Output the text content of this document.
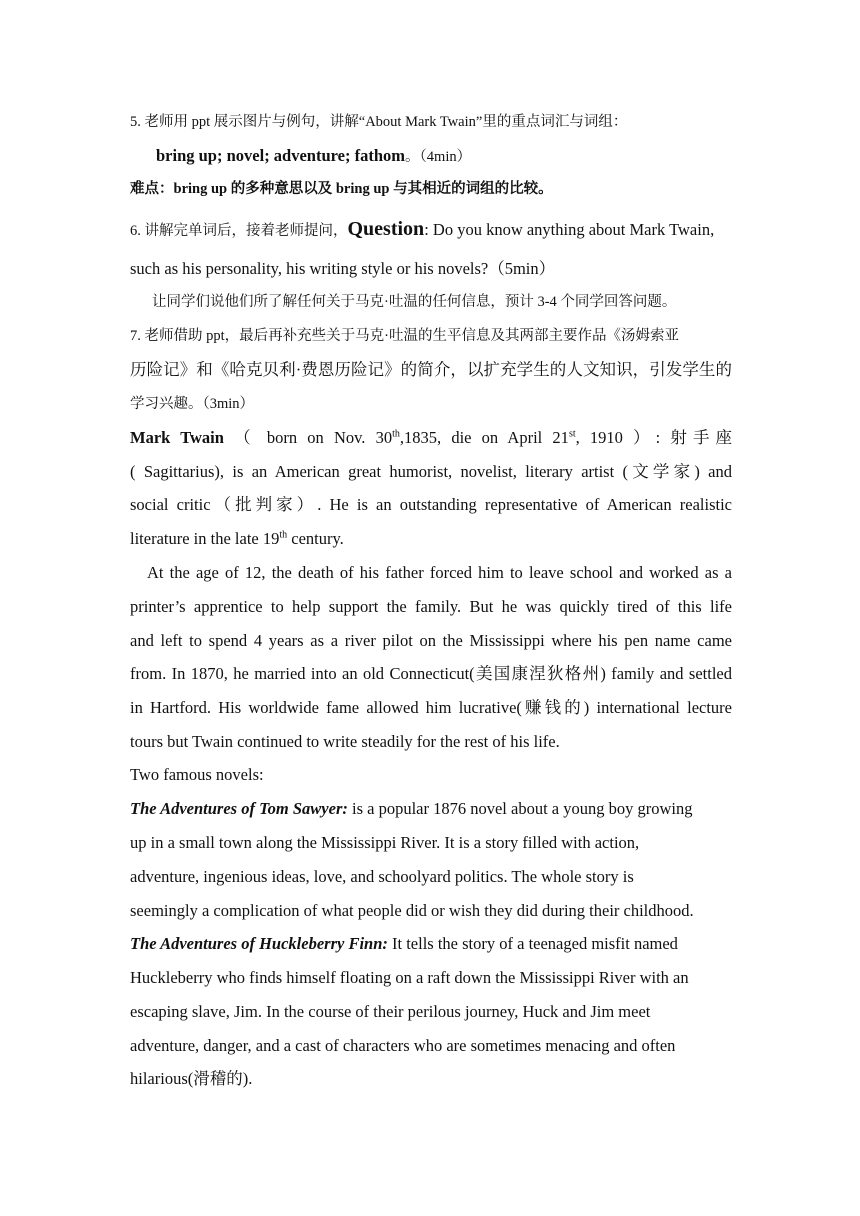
5. 老师用 ppt 展示图片与例句，讲解“About Mark Twain”里的重点词汇与词组：
bring up; novel; adventure; fathom。（4min）
难点：bring up 的多种意思以及 bring up 与其相近的词组的比较。
6. 讲解完单词后，接着老师提问，Question: Do you know anything about Mark Twain,
such as his personality, his writing style or his novels?（5min）
让同学们说他们所了解任何关于马克·吐温的任何信息，预计 3-4 个同学回答问题。
7. 老师借助 ppt，最后再补充些关于马克·吐温的生平信息及其两部主要作品《汤姆索亚
历险记》和《哈克贝利·费恩历险记》的简介，以扩充学生的人文知识，引发学生的
学习兴趣。（3min）
Mark Twain （ born on Nov. 30th,1835, die on April 21st, 1910 ）: 射手座
( Sagittarius), is an American great humorist, novelist, literary artist (文学家) and
social critic（批判家）. He is an outstanding representative of American realistic
literature in the late 19th century.
At the age of 12, the death of his father forced him to leave school and worked as a
printer’s apprentice to help support the family. But he was quickly tired of this life
and left to spend 4 years as a river pilot on the Mississippi where his pen name came
from. In 1870, he married into an old Connecticut(美国康涅狄格州) family and settled
in Hartford. His worldwide fame allowed him lucrative(赚钱的) international lecture
tours but Twain continued to write steadily for the rest of his life.
Two famous novels:
The Adventures of Tom Sawyer: is a popular 1876 novel about a young boy growing
up in a small town along the Mississippi River. It is a story filled with action,
adventure, ingenious ideas, love, and schoolyard politics. The whole story is
seemingly a complication of what people did or wish they did during their childhood.
The Adventures of Huckleberry Finn: It tells the story of a teenaged misfit named
Huckleberry who finds himself floating on a raft down the Mississippi River with an
escaping slave, Jim. In the course of their perilous journey, Huck and Jim meet
adventure, danger, and a cast of characters who are sometimes menacing and often
hilarious(滑稽的).
